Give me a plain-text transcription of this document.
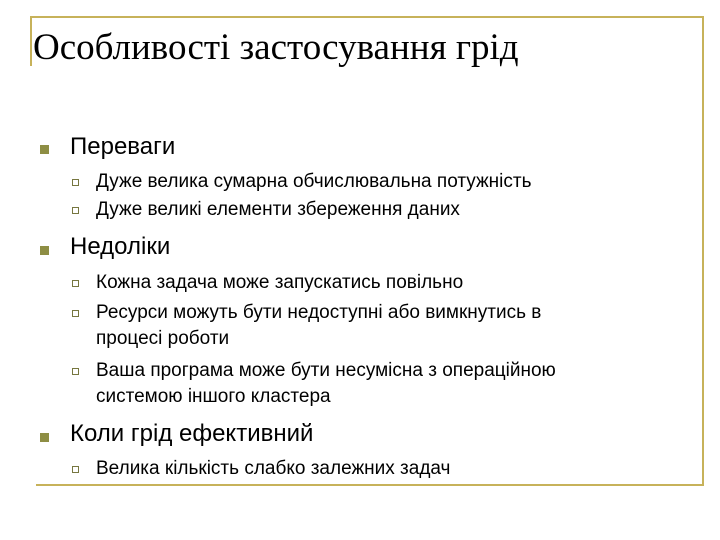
Особливості застосування грід
Переваги
Дуже велика сумарна обчислювальна потужність
Дуже великі елементи збереження даних
Недоліки
Кожна задача може запускатись повільно
Ресурси можуть бути недоступні або вимкнутись в
процесі роботи
Ваша програма може бути несумісна з операційною
системою іншого кластера
Коли грід ефективний
Велика кількість слабко залежних задач
